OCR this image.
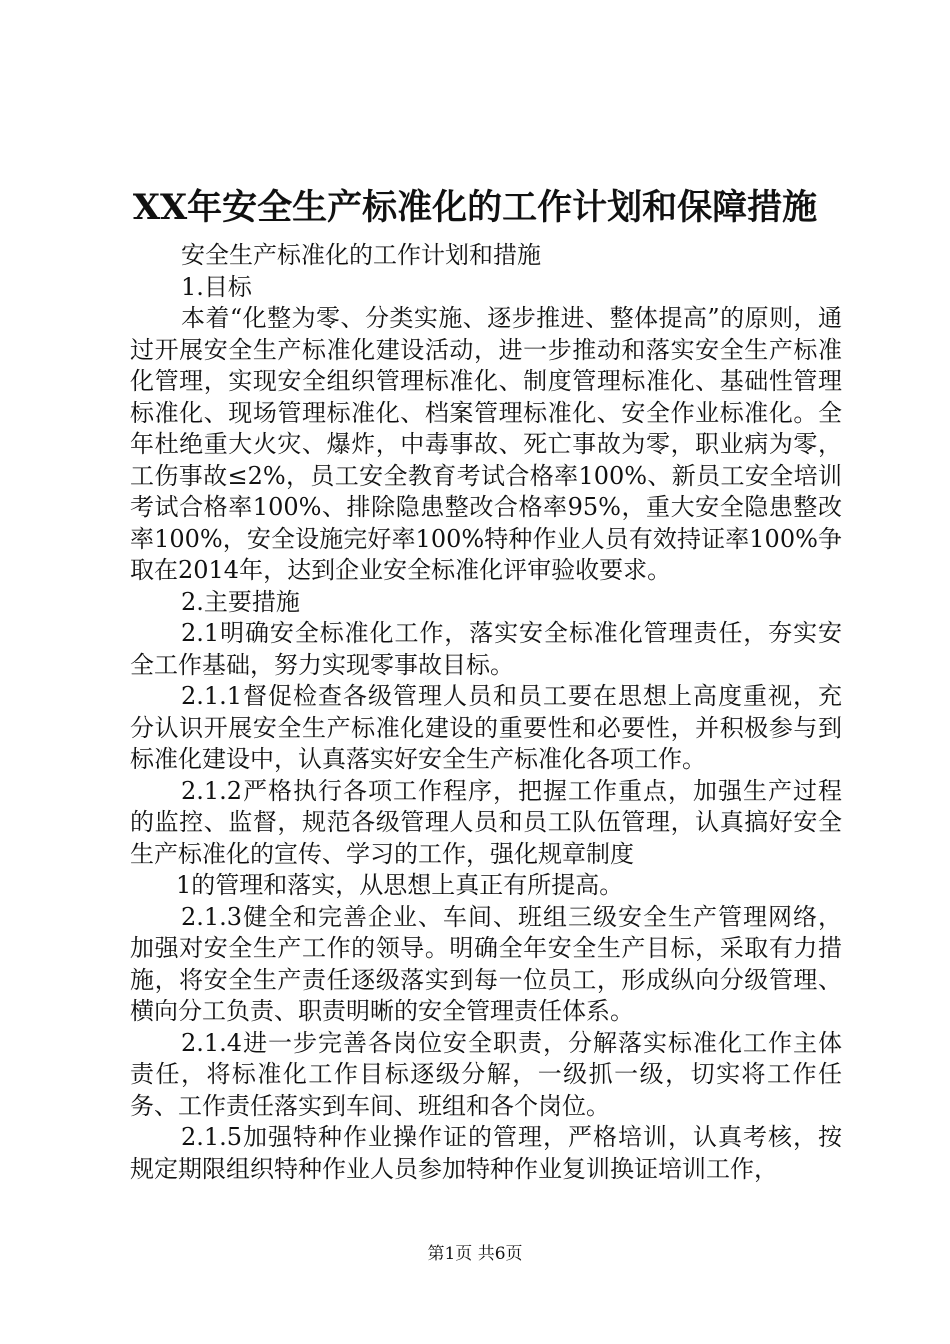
XX年安全生产标准化的工作计划和保障措施

安全生产标准化的工作计划和措施

1.目标

本着“化整为零、分类实施、逐步推进、整体提高”的原则，通过开展安全生产标准化建设活动，进一步推动和落实安全生产标准化管理，实现安全组织管理标准化、制度管理标准化、基础性管理标准化、现场管理标准化、档案管理标准化、安全作业标准化。全年杜绝重大火灾、爆炸，中毒事故、死亡事故为零，职业病为零，工伤事故≤2%，员工安全教育考试合格率100%、新员工安全培训考试合格率100%、排除隐患整改合格率95%，重大安全隐患整改率100%，安全设施完好率100%特种作业人员有效持证率100%争取在2014年，达到企业安全标准化评审验收要求。

2.主要措施

2.1明确安全标准化工作，落实安全标准化管理责任，夯实安全工作基础，努力实现零事故目标。

2.1.1督促检查各级管理人员和员工要在思想上高度重视，充分认识开展安全生产标准化建设的重要性和必要性，并积极参与到标准化建设中，认真落实好安全生产标准化各项工作。

2.1.2严格执行各项工作程序，把握工作重点，加强生产过程的监控、监督，规范各级管理人员和员工队伍管理，认真搞好安全生产标准化的宣传、学习的工作，强化规章制度

1的管理和落实，从思想上真正有所提高。

2.1.3健全和完善企业、车间、班组三级安全生产管理网络，加强对安全生产工作的领导。明确全年安全生产目标，采取有力措施，将安全生产责任逐级落实到每一位员工，形成纵向分级管理、横向分工负责、职责明晰的安全管理责任体系。

2.1.4进一步完善各岗位安全职责，分解落实标准化工作主体责任，将标准化工作目标逐级分解，一级抓一级，切实将工作任务、工作责任落实到车间、班组和各个岗位。

2.1.5加强特种作业操作证的管理，严格培训，认真考核，按规定期限组织特种作业人员参加特种作业复训换证培训工作，

第1页 共6页
